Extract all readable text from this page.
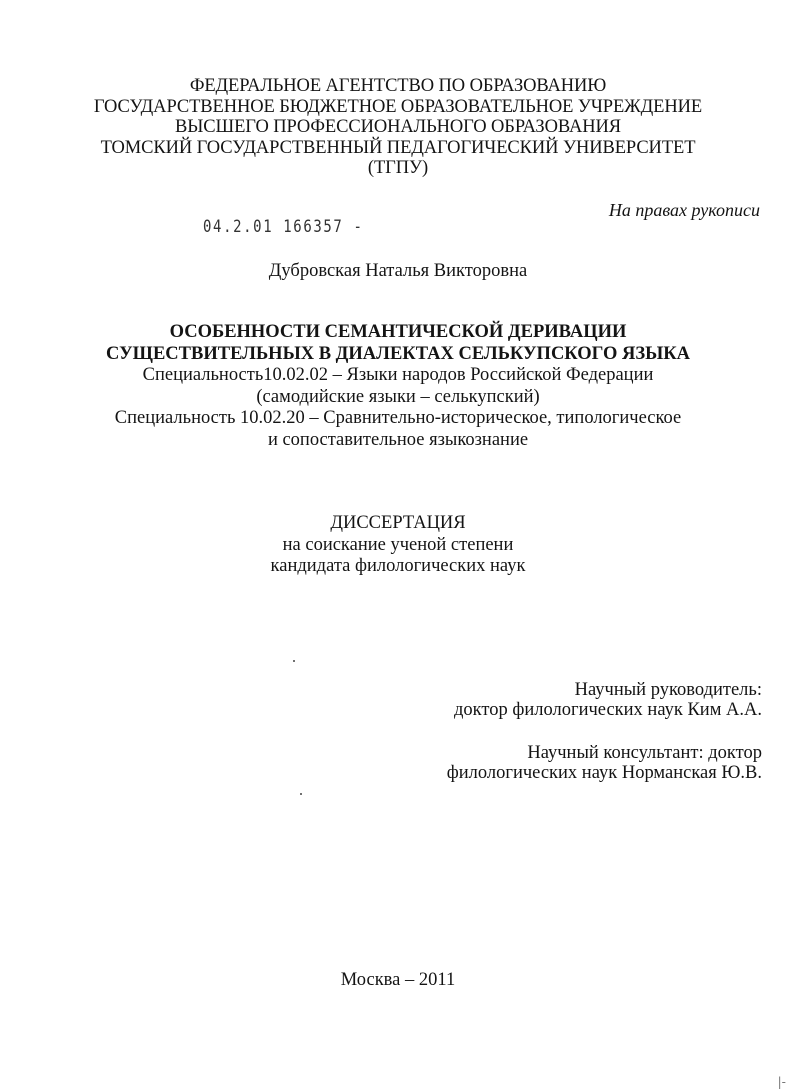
ФЕДЕРАЛЬНОЕ АГЕНТСТВО ПО ОБРАЗОВАНИЮ
ГОСУДАРСТВЕННОЕ БЮДЖЕТНОЕ ОБРАЗОВАТЕЛЬНОЕ УЧРЕЖДЕНИЕ
ВЫСШЕГО ПРОФЕССИОНАЛЬНОГО ОБРАЗОВАНИЯ
ТОМСКИЙ ГОСУДАРСТВЕННЫЙ ПЕДАГОГИЧЕСКИЙ УНИВЕРСИТЕТ
(ТГПУ)
На правах рукописи
04.2.01 166357 -
Дубровская Наталья Викторовна
ОСОБЕННОСТИ СЕМАНТИЧЕСКОЙ ДЕРИВАЦИИ
СУЩЕСТВИТЕЛЬНЫХ В ДИАЛЕКТАХ СЕЛЬКУПСКОГО ЯЗЫКА
Специальность10.02.02 – Языки народов Российской Федерации
(самодийские языки – селькупский)
Специальность 10.02.20 – Сравнительно-историческое, типологическое
и сопоставительное языкознание
ДИССЕРТАЦИЯ
на соискание ученой степени
кандидата филологических наук
Научный руководитель:
доктор филологических наук Ким А.А.
Научный консультант: доктор
филологических наук Норманская Ю.В.
Москва – 2011
|-
